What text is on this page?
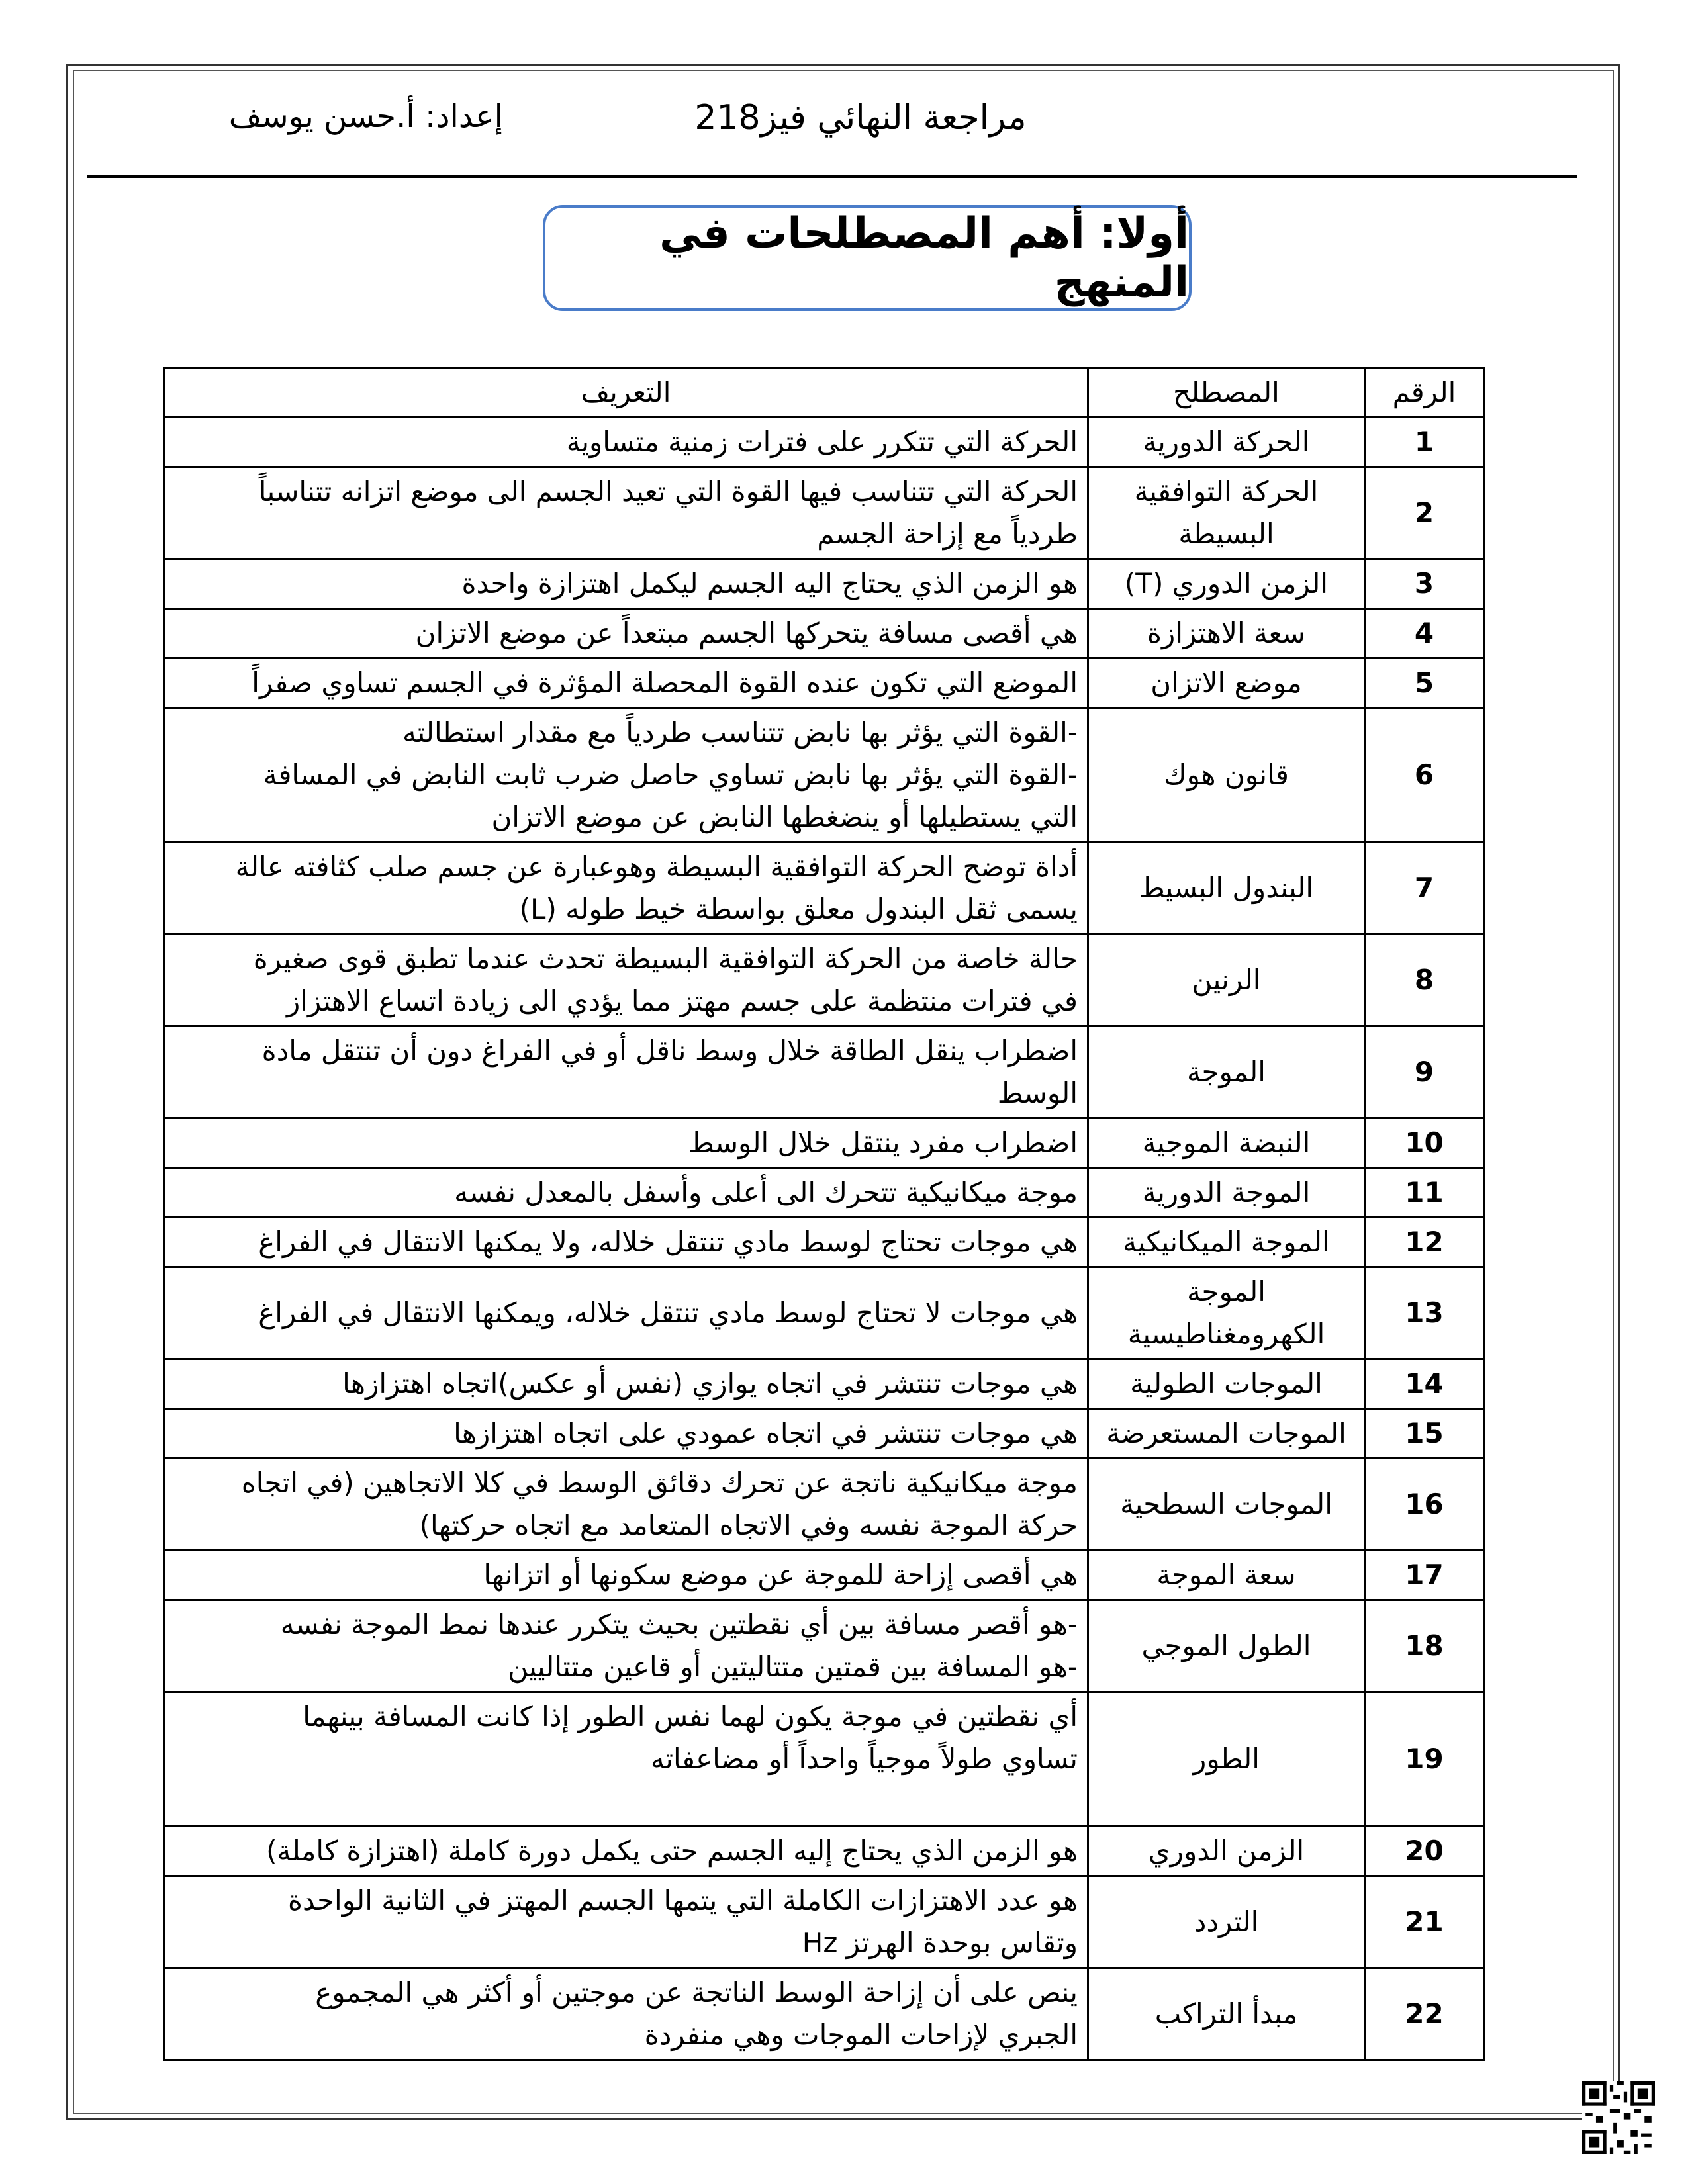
مراجعة النهائي فيز218
إعداد: أ.حسن يوسف
أولا: أهم المصطلحات في المنهج
الرقم	المصطلح	التعريف
1	الحركة الدورية	الحركة التي تتكرر على فترات زمنية متساوية

2	الحركة التوافقية البسيطة	الحركة التي تتناسب فيها القوة التي تعيد الجسم الى موضع اتزانه تتناسباً
طردياً مع إزاحة الجسم

3	الزمن الدوري (T)	هو الزمن الذي يحتاج اليه الجسم ليكمل اهتزازة واحدة

4	سعة الاهتزازة	هي أقصى مسافة يتحركها الجسم مبتعداً عن موضع الاتزان

5	موضع الاتزان	الموضع التي تكون عنده القوة المحصلة المؤثرة في الجسم تساوي صفراً

6	قانون هوك	-القوة التي يؤثر بها نابض تتناسب طردياً مع مقدار استطالته
-القوة التي يؤثر بها نابض تساوي حاصل ضرب ثابت النابض في المسافة
التي يستطيلها أو ينضغطها النابض عن موضع الاتزان

7	البندول البسيط	أداة توضح الحركة التوافقية البسيطة وهوعبارة عن جسم صلب كثافته عالة
يسمى ثقل البندول معلق بواسطة خيط طوله (L)

8	الرنين	حالة خاصة من الحركة التوافقية البسيطة تحدث عندما تطبق قوى صغيرة
في فترات منتظمة على جسم مهتز مما يؤدي الى زيادة اتساع الاهتزاز

9	الموجة	اضطراب ينقل الطاقة خلال وسط ناقل أو في الفراغ دون أن تنتقل مادة
الوسط

10	النبضة الموجية	اضطراب مفرد ينتقل خلال الوسط

11	الموجة الدورية	موجة ميكانيكية تتحرك الى أعلى وأسفل بالمعدل نفسه

12	الموجة الميكانيكية	هي موجات تحتاج لوسط مادي تنتقل خلاله، ولا يمكنها الانتقال في الفراغ

13	الموجة الكهرومغناطيسية	هي موجات لا تحتاج لوسط مادي تنتقل خلاله، ويمكنها الانتقال في الفراغ

14	الموجات الطولية	هي موجات تنتشر في اتجاه يوازي (نفس أو عكس)اتجاه اهتزازها

15	الموجات المستعرضة	هي موجات تنتشر في اتجاه عمودي على اتجاه اهتزازها

16	الموجات السطحية	موجة ميكانيكية ناتجة عن تحرك دقائق الوسط في كلا الاتجاهين (في اتجاه
حركة الموجة نفسه وفي الاتجاه المتعامد مع اتجاه حركتها)

17	سعة الموجة	هي أقصى إزاحة للموجة عن موضع سكونها أو اتزانها

18	الطول الموجي	-هو أقصر مسافة بين أي نقطتين بحيث يتكرر عندها نمط الموجة نفسه
-هو المسافة بين قمتين متتاليتين أو قاعين متتاليين

19	الطور	أي نقطتين في موجة يكون لهما نفس الطور إذا كانت المسافة بينهما
تساوي طولاً موجياً واحداً أو مضاعفاته

20	الزمن الدوري	هو الزمن الذي يحتاج إليه الجسم حتى يكمل دورة كاملة (اهتزازة كاملة)

21	التردد	هو عدد الاهتزازات الكاملة التي يتمها الجسم المهتز في الثانية الواحدة
وتقاس بوحدة الهرتز Hz

22	مبدأ التراكب	ينص على أن إزاحة الوسط الناتجة عن موجتين أو أكثر هي المجموع
الجبري لإزاحات الموجات وهي منفردة
